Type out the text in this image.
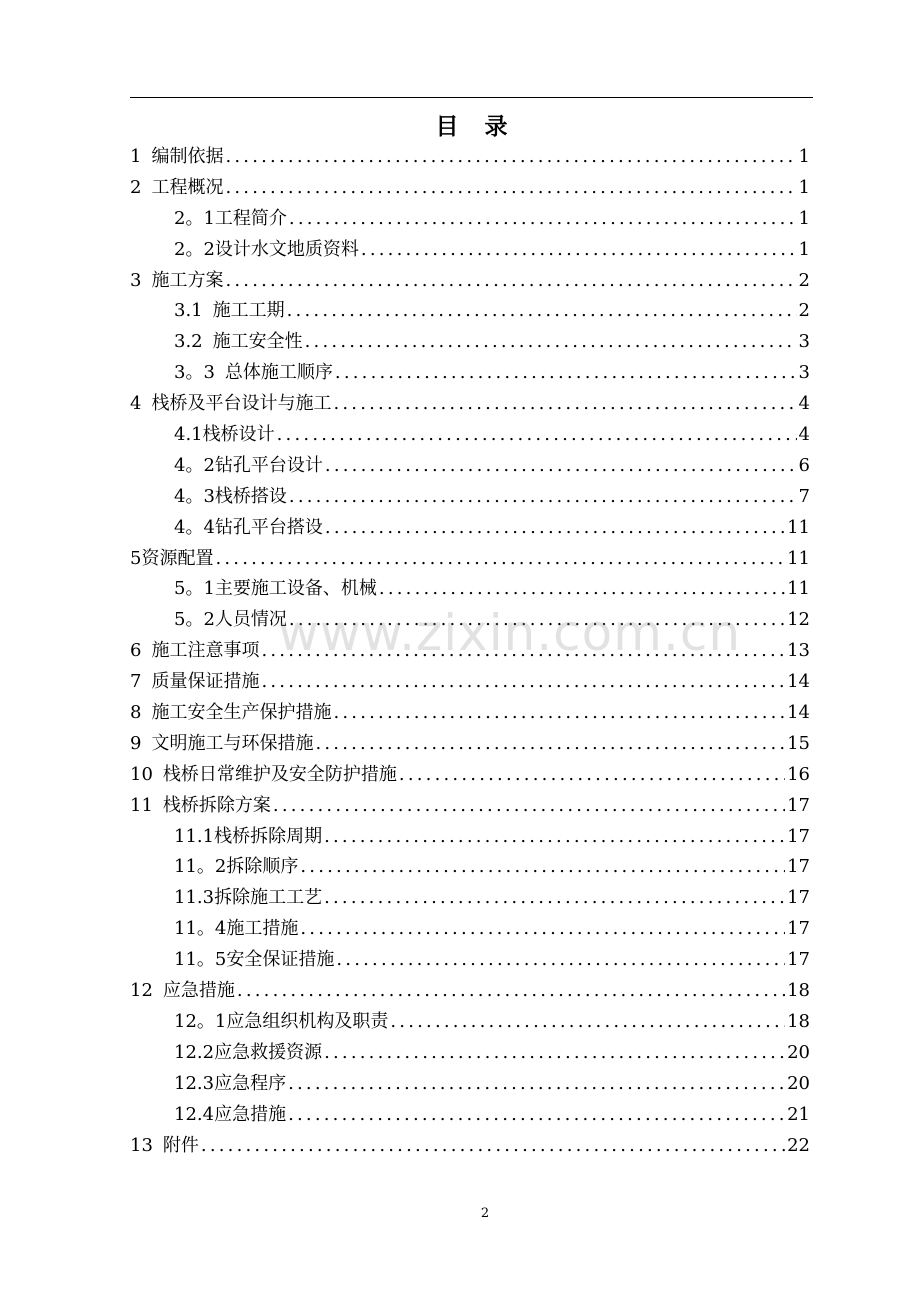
目 录
1 编制依据 .....	1
2 工程概况 .....	1
2。1 工程简介 .....	1
2。2 设计水文地质资料 .....	1
3 施工方案 .....	2
3.1 施工工期 .....	2
3.2 施工安全性 .....	3
3。3 总体施工顺序 .....	3
4 栈桥及平台设计与施工 .....	4
4.1 栈桥设计 .....	4
4。2 钻孔平台设计 .....	6
4。3 栈桥搭设 .....	7
4。4 钻孔平台搭设 .....	11
5 资源配置 .....	11
5。1 主要施工设备、机械 .....	11
5。2 人员情况 .....	12
6 施工注意事项 .....	13
7 质量保证措施 .....	14
8 施工安全生产保护措施 .....	14
9 文明施工与环保措施 .....	15
10 栈桥日常维护及安全防护措施 .....	16
11 栈桥拆除方案 .....	17
11.1 栈桥拆除周期 .....	17
11。2 拆除顺序 .....	17
11.3 拆除施工工艺 .....	17
11。4 施工措施 .....	17
11。5 安全保证措施 .....	17
12 应急措施 .....	18
12。1 应急组织机构及职责 .....	18
12.2 应急救援资源 .....	20
12.3 应急程序 .....	20
12.4 应急措施 .....	21
13 附件 .....	22
www.zixin.com.cn
2
